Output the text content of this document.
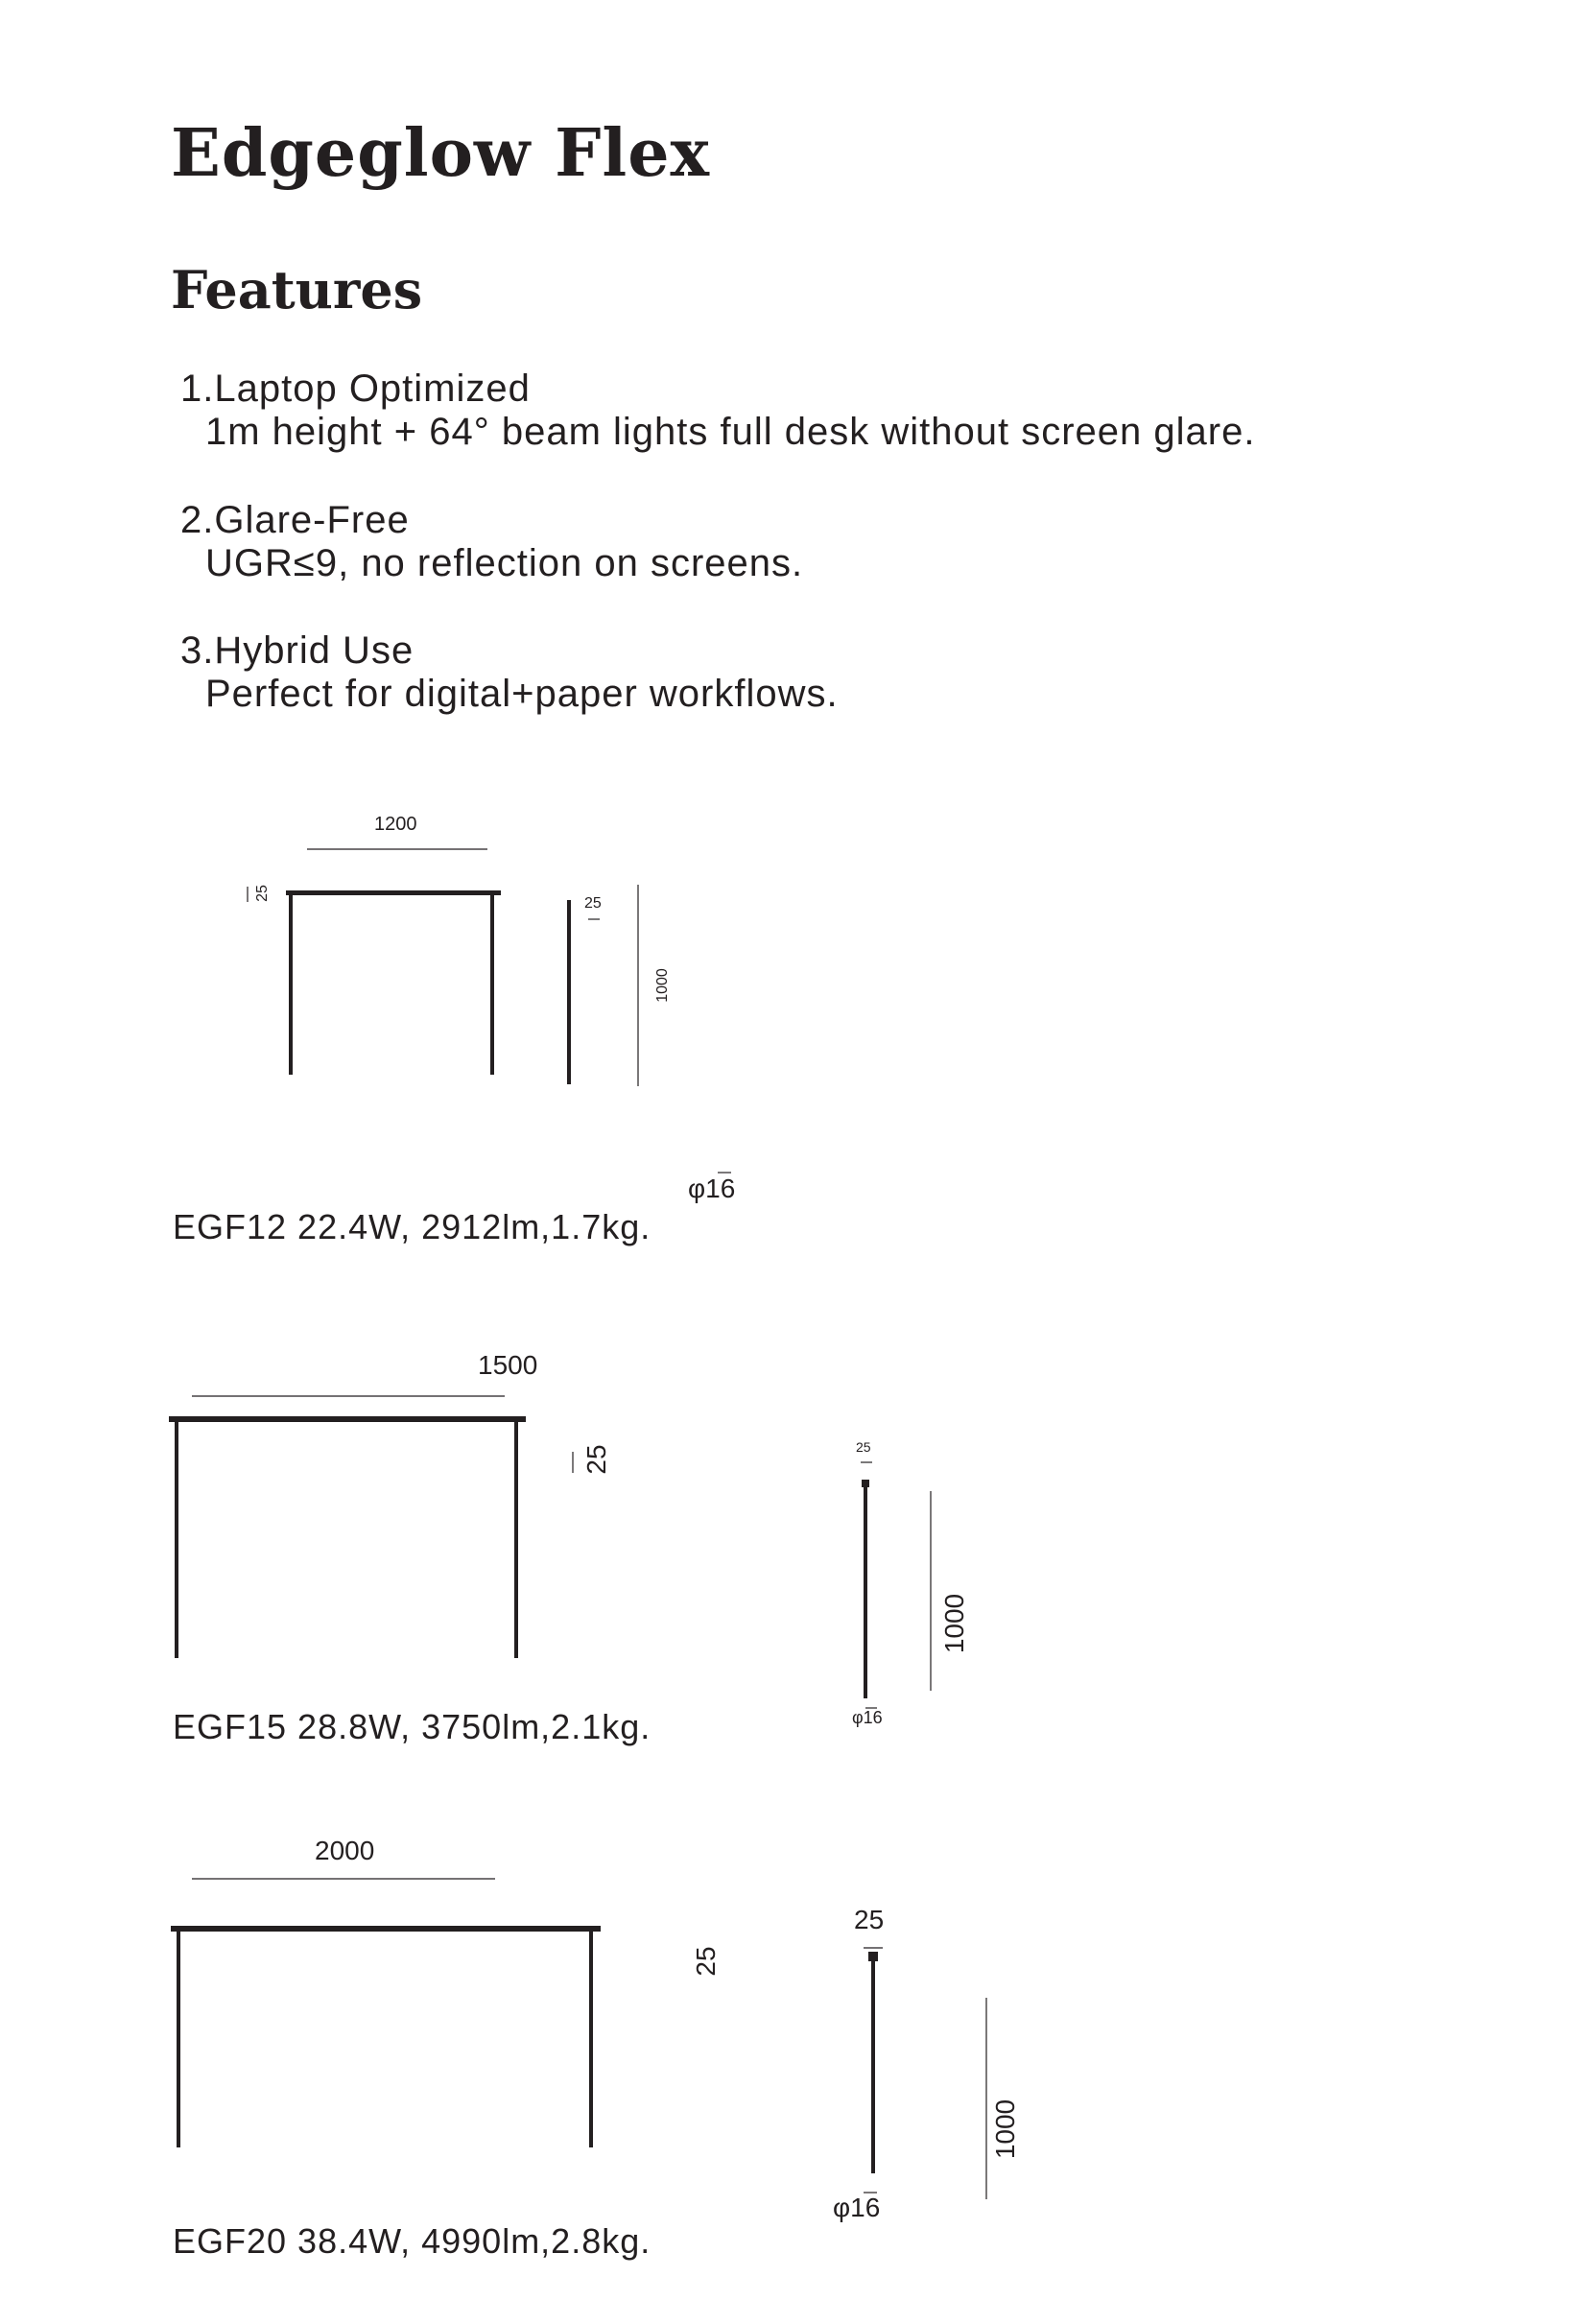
Edgeglow Flex
Features
1.Laptop Optimized
1m height + 64° beam lights full desk without screen glare.
2.Glare-Free
UGR≤9, no reflection on screens.
3.Hybrid Use
Perfect for digital+paper workflows.
1200
25
25
1000
φ16
EGF12 22.4W, 2912lm,1.7kg.
1500
25	25
1000
φ16
EGF15 28.8W, 3750lm,2.1kg.
2000
25
25
1000
φ16
EGF20 38.4W, 4990lm,2.8kg.
